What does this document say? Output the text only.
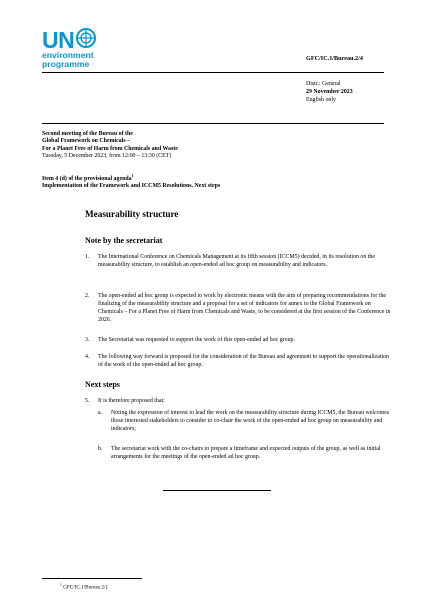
UN
environment
programme
GFC/IC.1/Bureau.2/4
Distr.: General
29 November 2023
English only
Second meeting of the Bureau of the
Global Framework on Chemicals –
For a Planet Free of Harm from Chemicals and Waste
Tuesday, 5 December 2023, from 12:00 – 13:30 (CET)
Item 4 (d) of the provisional agenda$^1$
Implementation of the Framework and ICCM5 Resolutions. Next steps
Measurability structure
Note by the secretariat
1. The International Conference on Chemicals Management at its fifth session (ICCM5) decided, in its resolution on the measurability structure, to establish an open-ended ad hoc group on measurability and indicators.
2. The open-ended ad hoc group is expected to work by electronic means with the aim of preparing recommendations for the finalizing of the measurability structure and a proposal for a set of indicators for annex to the Global Framework on Chemicals – For a Planet Free of Harm from Chemicals and Waste, to be considered at the first session of the Conference in 2026.
3. The Secretariat was requested to support the work of this open-ended ad hoc group.
4. The following way forward is proposed for the consideration of the Bureau and agreement to support the operationalization of the work of the open-ended ad hoc group.
Next steps
5. It is therefore proposed that:
a. Noting the expression of interest to lead the work on the measurability structure during ICCM5, the Bureau welcomes those interested stakeholders to consider to co-chair the work of the open-ended ad hoc group on measurability and indicators;
b. The secretariat work with the co-chairs to prepare a timeframe and expected outputs of the group, as well as initial arrangements for the meetings of the open-ended ad hoc group.
$^1$ GFC/IC.1/Bureau.2/1
